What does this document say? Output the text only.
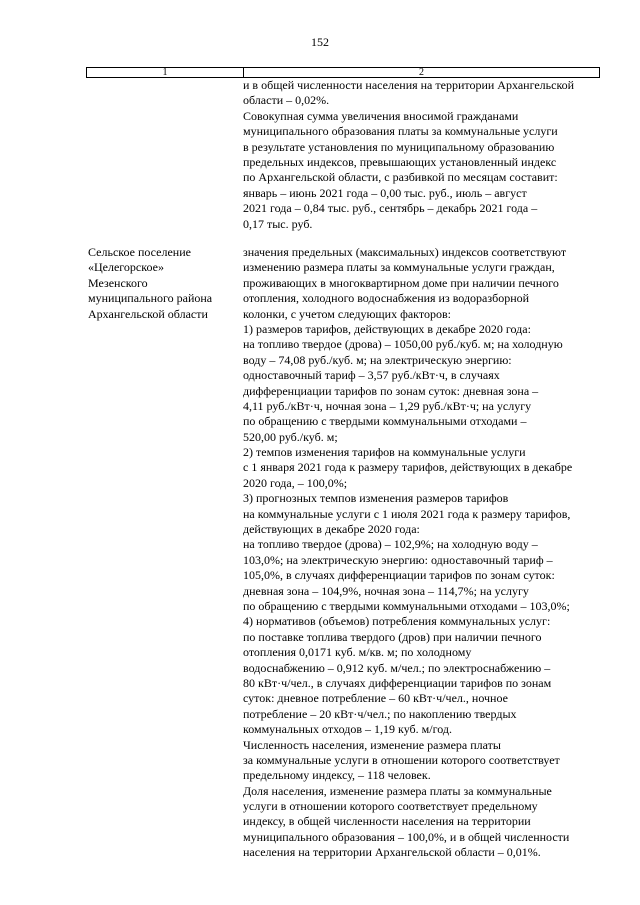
152
1	2
и в общей численности населения на территории Архангельской
области – 0,02%.
Совокупная сумма увеличения вносимой гражданами
муниципального образования платы за коммунальные услуги
в результате установления по муниципальному образованию
предельных индексов, превышающих установленный индекс
по Архангельской области, с разбивкой по месяцам составит:
январь – июнь 2021 года – 0,00 тыс. руб., июль – август
2021 года – 0,84 тыс. руб., сентябрь – декабрь 2021 года –
0,17 тыс. руб.
Сельское поселение
«Целегорское»
Мезенского
муниципального района
Архангельской области
значения предельных (максимальных) индексов соответствуют
изменению размера платы за коммунальные услуги граждан,
проживающих в многоквартирном доме при наличии печного
отопления, холодного водоснабжения из водоразборной
колонки, с учетом следующих факторов:
1) размеров тарифов, действующих в декабре 2020 года:
на топливо твердое (дрова) – 1050,00 руб./куб. м; на холодную
воду – 74,08 руб./куб. м; на электрическую энергию:
одноставочный тариф – 3,57 руб./кВт·ч, в случаях
дифференциации тарифов по зонам суток: дневная зона –
4,11 руб./кВт·ч, ночная зона – 1,29 руб./кВт·ч; на услугу
по обращению с твердыми коммунальными отходами –
520,00 руб./куб. м;
2) темпов изменения тарифов на коммунальные услуги
с 1 января 2021 года к размеру тарифов, действующих в декабре
2020 года, – 100,0%;
3) прогнозных темпов изменения размеров тарифов
на коммунальные услуги с 1 июля 2021 года к размеру тарифов,
действующих в декабре 2020 года:
на топливо твердое (дрова) – 102,9%; на холодную воду –
103,0%; на электрическую энергию: одноставочный тариф –
105,0%, в случаях дифференциации тарифов по зонам суток:
дневная зона – 104,9%, ночная зона – 114,7%; на услугу
по обращению с твердыми коммунальными отходами – 103,0%;
4) нормативов (объемов) потребления коммунальных услуг:
по поставке топлива твердого (дров) при наличии печного
отопления 0,0171 куб. м/кв. м; по холодному
водоснабжению – 0,912 куб. м/чел.; по электроснабжению –
80 кВт·ч/чел., в случаях дифференциации тарифов по зонам
суток: дневное потребление – 60 кВт·ч/чел., ночное
потребление – 20 кВт·ч/чел.; по накоплению твердых
коммунальных отходов – 1,19 куб. м/год.
Численность населения, изменение размера платы
за коммунальные услуги в отношении которого соответствует
предельному индексу, – 118 человек.
Доля населения, изменение размера платы за коммунальные
услуги в отношении которого соответствует предельному
индексу, в общей численности населения на территории
муниципального образования – 100,0%, и в общей численности
населения на территории Архангельской области – 0,01%.
